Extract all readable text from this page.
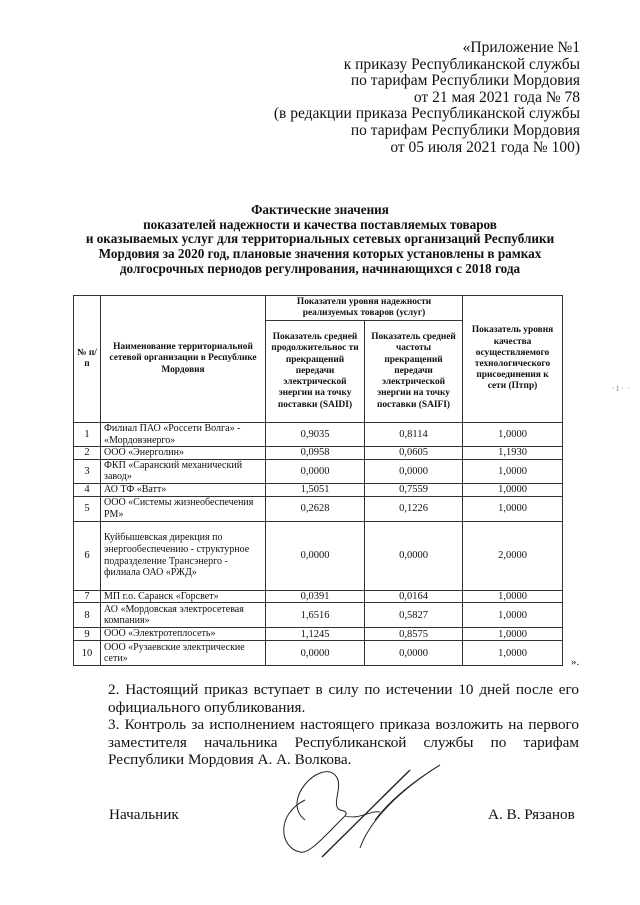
«Приложение №1
к приказу Республиканской службы
по тарифам Республики Мордовия
от 21 мая 2021 года № 78
(в редакции приказа Республиканской службы
по тарифам Республики Мордовия
от 05 июля 2021 года № 100)
Фактические значения
показателей надежности и качества поставляемых товаров
и оказываемых услуг для территориальных сетевых организаций Республики
Мордовия за 2020 год, плановые значения которых установлены в рамках
долгосрочных периодов регулирования, начинающихся с 2018 года
·1· ·
№ п/п	Наименование территориальной сетевой организации в Республике Мордовия	Показатели уровня надежности реализуемых товаров (услуг)		Показатель уровня качества осуществляемого технологического присоединения к сети (Птпр)
		Показатель средней продолжительнос ти прекращений передачи электрической энергии на точку поставки (SAIDI)	Показатель средней частоты прекращений передачи электрической энергии на точку поставки (SAIFI)	
1	Филиал ПАО «Россети Волга» - «Мордовэнерго»	0,9035	0,8114	1,0000
2	ООО «Энерголин»	0,0958	0,0605	1,1930
3	ФКП «Саранский механический завод»	0,0000	0,0000	1,0000
4	АО ТФ «Ватт»	1,5051	0,7559	1,0000
5	ООО «Системы жизнеобеспечения РМ»	0,2628	0,1226	1,0000
6	Куйбышевская дирекция по энергообеспечению - структурное подразделение Трансэнерго - филиала ОАО «РЖД»	0,0000	0,0000	2,0000
7	МП г.о. Саранск «Горсвет»	0,0391	0,0164	1,0000
8	АО «Мордовская электросетевая компания»	1,6516	0,5827	1,0000
9	ООО «Электротеплосеть»	1,1245	0,8575	1,0000
10	ООО «Рузаевские электрические сети»	0,0000	0,0000	1,0000
».
2. Настоящий приказ вступает в силу по истечении 10 дней после его официального опубликования.
3. Контроль за исполнением настоящего приказа возложить на первого заместителя начальника Республиканской службы по тарифам Республики Мордовия А. А. Волкова.
Начальник	А. В. Рязанов
